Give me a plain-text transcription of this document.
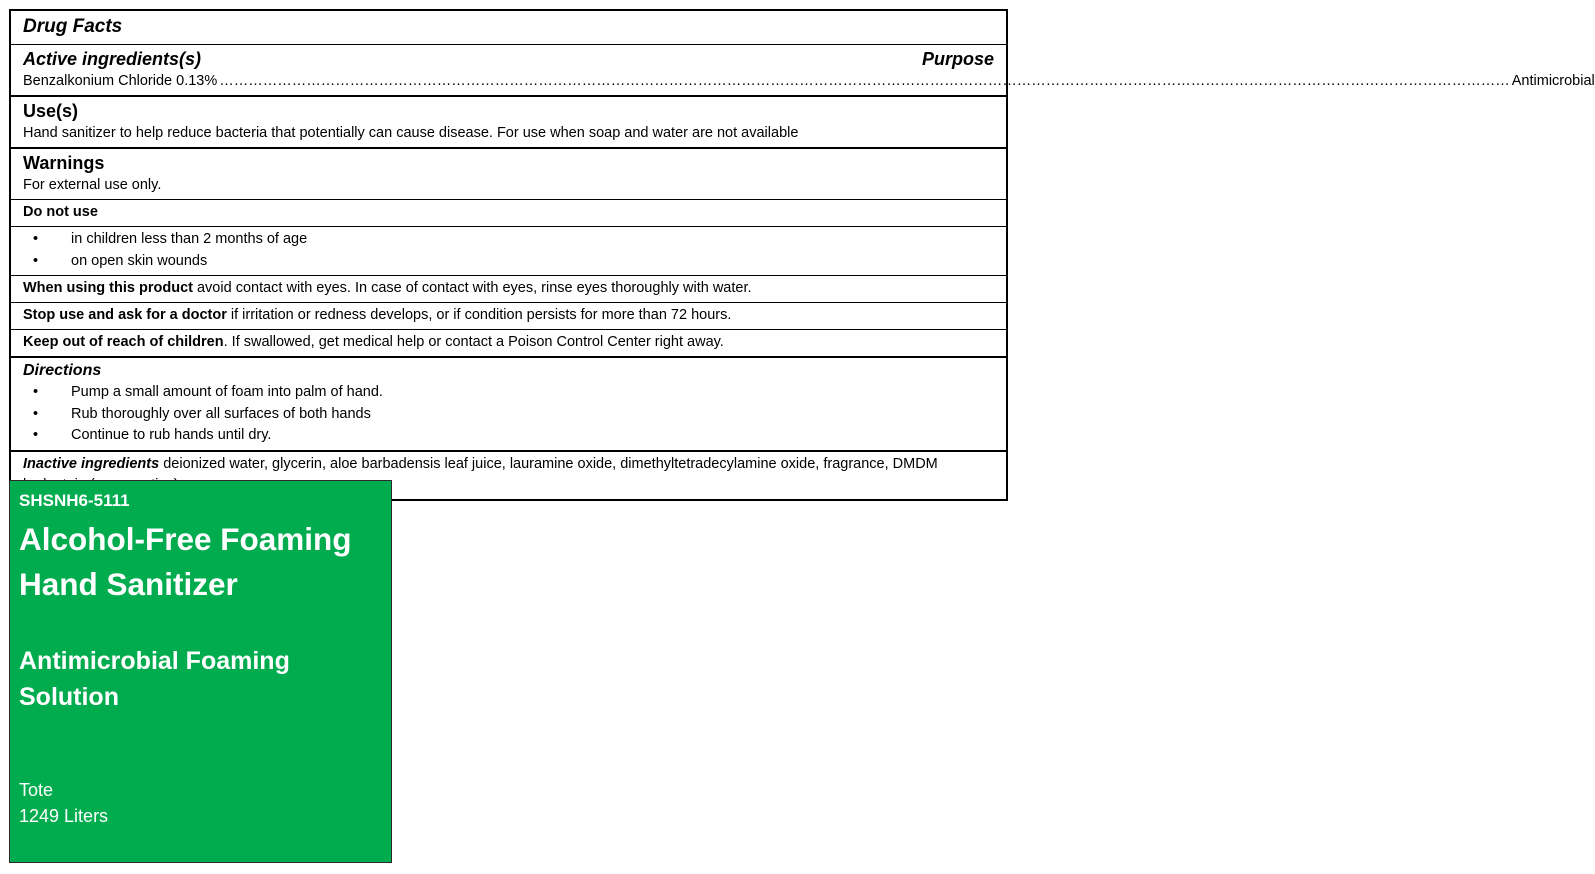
Drug Facts
Active ingredients(s)	Purpose
Benzalkonium Chloride 0.13% …………………………………………………………………………………………………………………………………………………………………………………………………………………………………………… Antimicrobial
Use(s)
Hand sanitizer to help reduce bacteria that potentially can cause disease. For use when soap and water are not available
Warnings
For external use only.
Do not use
• in children less than 2 months of age
• on open skin wounds
When using this product avoid contact with eyes. In case of contact with eyes, rinse eyes thoroughly with water.
Stop use and ask for a doctor if irritation or redness develops, or if condition persists for more than 72 hours.
Keep out of reach of children. If swallowed, get medical help or contact a Poison Control Center right away.
Directions
• Pump a small amount of foam into palm of hand.
• Rub thoroughly over all surfaces of both hands
• Continue to rub hands until dry.
Inactive ingredients deionized water, glycerin, aloe barbadensis leaf juice, lauramine oxide, dimethyltetradecylamine oxide, fragrance, DMDM
SHSNH6-5111
Alcohol-Free Foaming
Hand Sanitizer
Antimicrobial Foaming
Solution
Tote
1249 Liters
